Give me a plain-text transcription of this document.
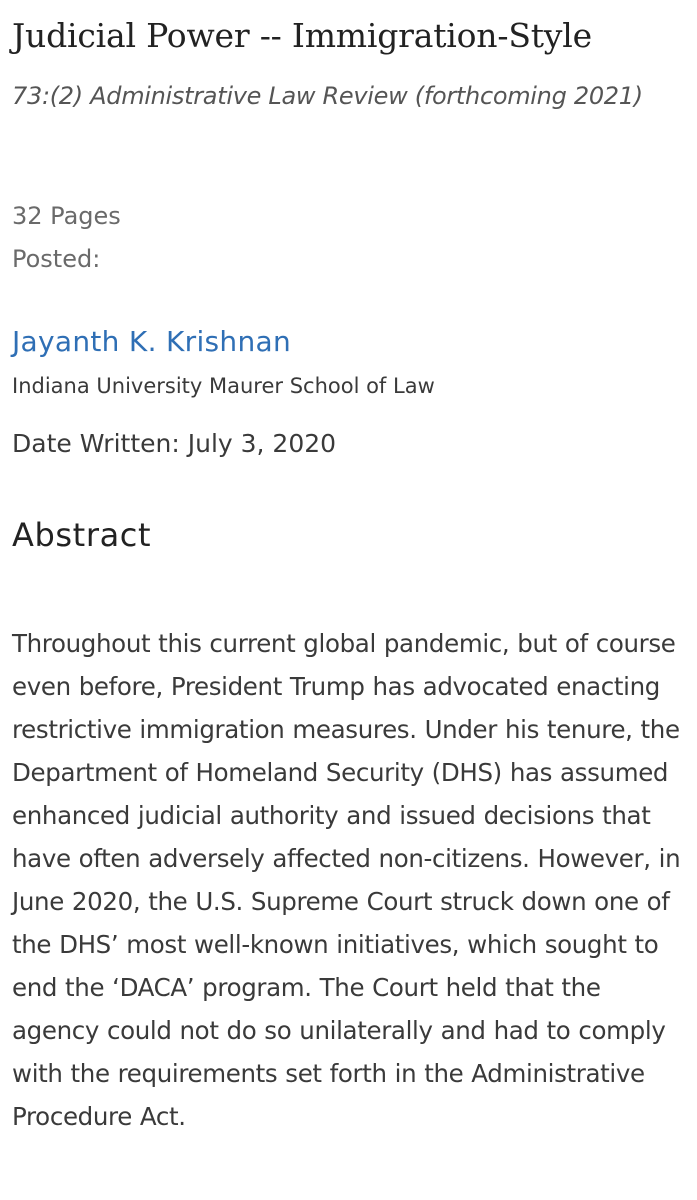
Judicial Power -- Immigration-Style
73:(2) Administrative Law Review (forthcoming 2021)
32 Pages
Posted:
Jayanth K. Krishnan
Indiana University Maurer School of Law
Date Written: July 3, 2020
Abstract

Throughout this current global pandemic, but of course even before, President Trump has advocated enacting restrictive immigration measures. Under his tenure, the Department of Homeland Security (DHS) has assumed enhanced judicial authority and issued decisions that have often adversely affected non-citizens. However, in June 2020, the U.S. Supreme Court struck down one of the DHS’ most well-known initiatives, which sought to end the ‘DACA’ program. The Court held that the agency could not do so unilaterally and had to comply with the requirements set forth in the Administrative Procedure Act.
